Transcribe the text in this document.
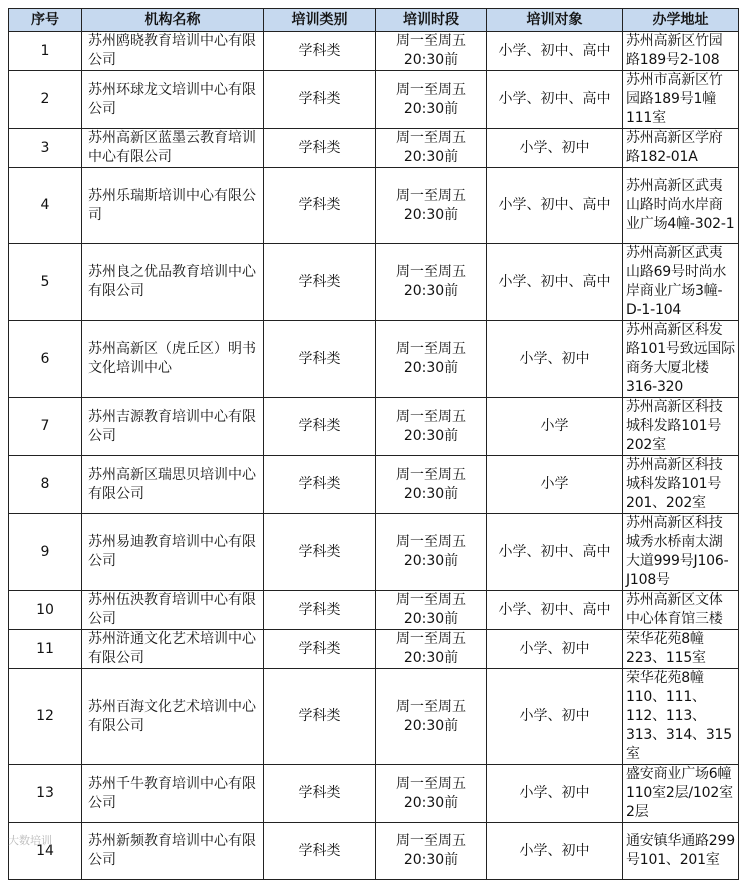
序号	机构名称	培训类别	培训时段	培训对象	办学地址
1	苏州鸥晓教育培训中心有限公司	学科类	周一至周五20:30前	小学、初中、高中	苏州高新区竹园路189号2-108
2	苏州环球龙文培训中心有限公司	学科类	周一至周五20:30前	小学、初中、高中	苏州市高新区竹园路189号1幢111室
3	苏州高新区蓝墨云教育培训中心有限公司	学科类	周一至周五20:30前	小学、初中	苏州高新区学府路182-01A
4	苏州乐瑞斯培训中心有限公司	学科类	周一至周五20:30前	小学、初中、高中	苏州高新区武夷山路时尚水岸商业广场4幢-302-1
5	苏州良之优品教育培训中心有限公司	学科类	周一至周五20:30前	小学、初中、高中	苏州高新区武夷山路69号时尚水岸商业广场3幢-D-1-104
6	苏州高新区（虎丘区）明书文化培训中心	学科类	周一至周五20:30前	小学、初中	苏州高新区科发路101号致远国际商务大厦北楼316-320
7	苏州吉源教育培训中心有限公司	学科类	周一至周五20:30前	小学	苏州高新区科技城科发路101号202室
8	苏州高新区瑞思贝培训中心有限公司	学科类	周一至周五20:30前	小学	苏州高新区科技城科发路101号201、202室
9	苏州易迪教育培训中心有限公司	学科类	周一至周五20:30前	小学、初中、高中	苏州高新区科技城秀水桥南太湖大道999号J106-J108号
10	苏州伍泱教育培训中心有限公司	学科类	周一至周五20:30前	小学、初中、高中	苏州高新区文体中心体育馆三楼
11	苏州浒通文化艺术培训中心有限公司	学科类	周一至周五20:30前	小学、初中	荣华花苑8幢223、115室
12	苏州百海文化艺术培训中心有限公司	学科类	周一至周五20:30前	小学、初中	荣华花苑8幢110、111、112、113、313、314、315室
13	苏州千牛教育培训中心有限公司	学科类	周一至周五20:30前	小学、初中	盛安商业广场6幢110室2层/102室2层
14	苏州新频教育培训中心有限公司	学科类	周一至周五20:30前	小学、初中	通安镇华通路299号101、201室
大数培训
